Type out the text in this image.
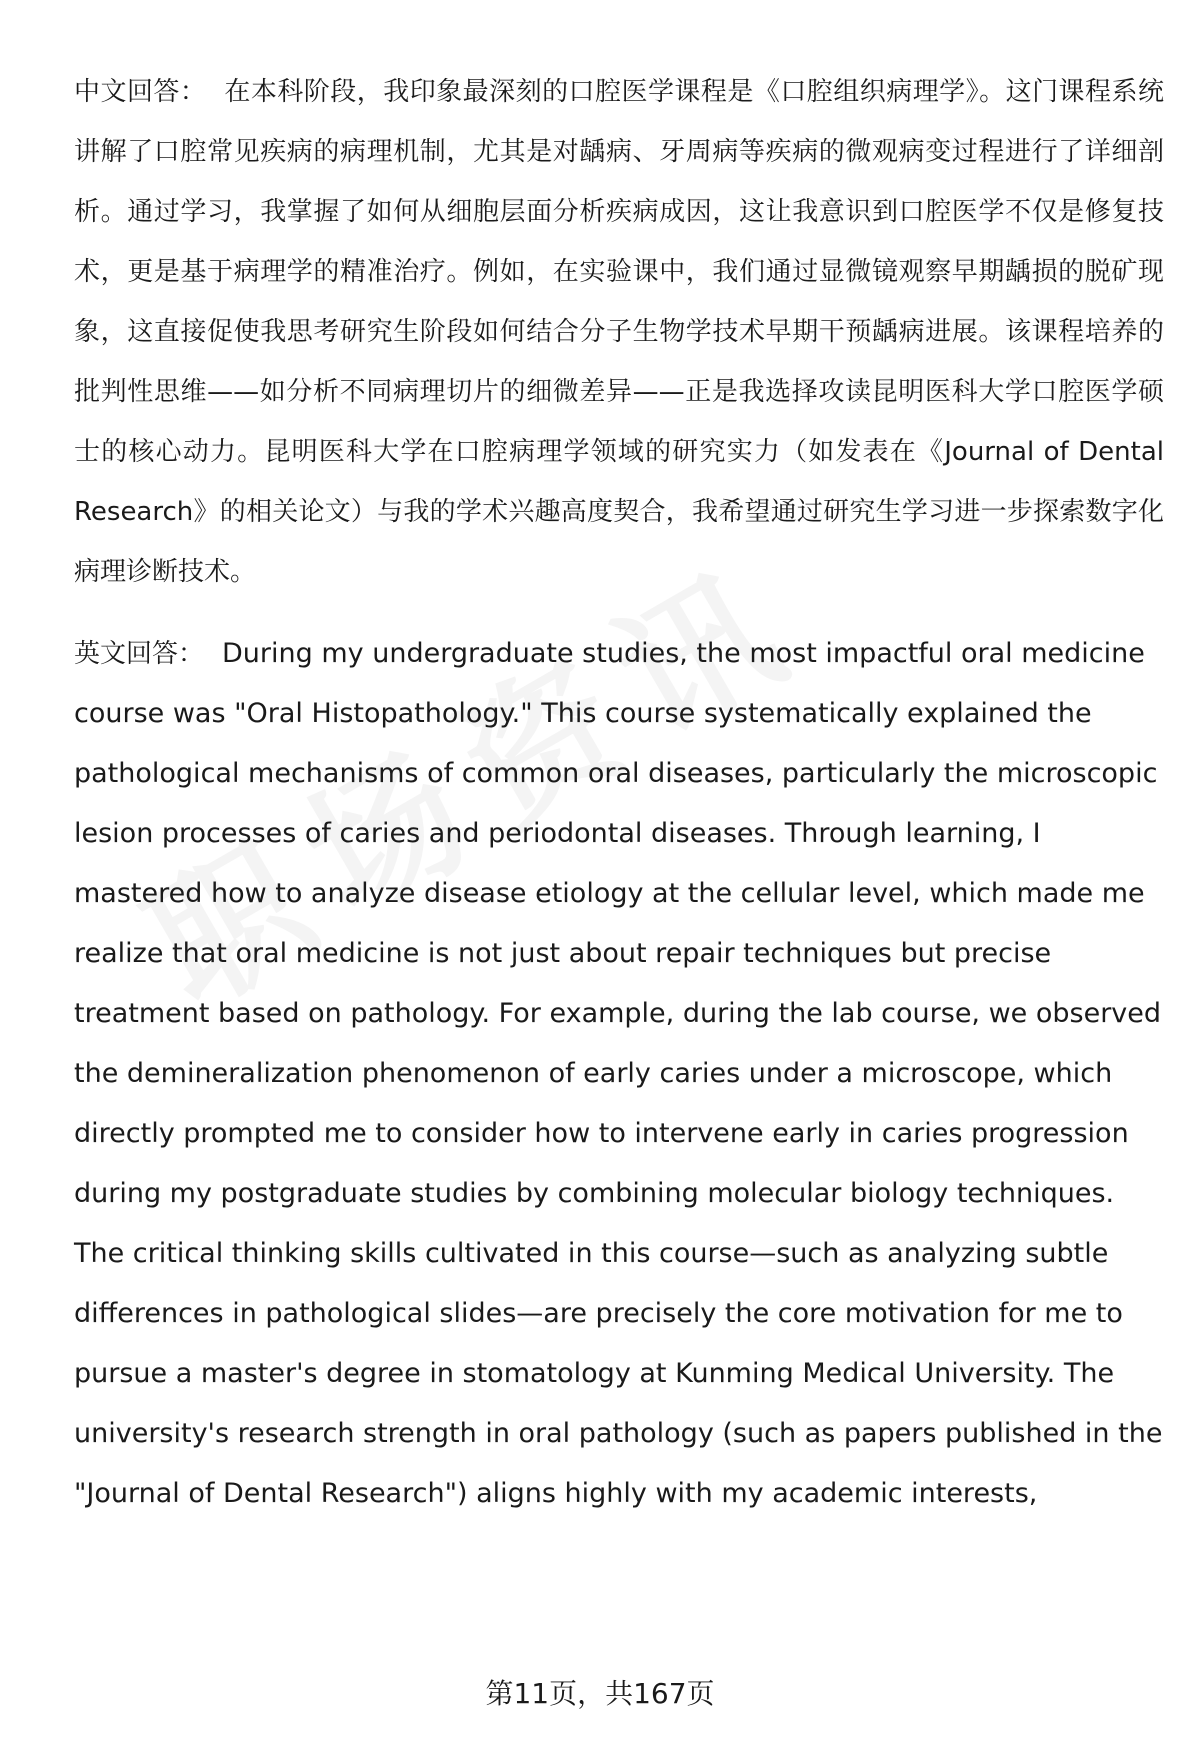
中文回答： 在本科阶段，我印象最深刻的口腔医学课程是《口腔组织病理学》。这门课程系统讲解了口腔常见疾病的病理机制，尤其是对龋病、牙周病等疾病的微观病变过程进行了详细剖析。通过学习，我掌握了如何从细胞层面分析疾病成因，这让我意识到口腔医学不仅是修复技术，更是基于病理学的精准治疗。例如，在实验课中，我们通过显微镜观察早期龋损的脱矿现象，这直接促使我思考研究生阶段如何结合分子生物学技术早期干预龋病进展。该课程培养的批判性思维——如分析不同病理切片的细微差异——正是我选择攻读昆明医科大学口腔医学硕士的核心动力。昆明医科大学在口腔病理学领域的研究实力（如发表在《Journal of Dental Research》的相关论文）与我的学术兴趣高度契合，我希望通过研究生学习进一步探索数字化病理诊断技术。

英文回答： During my undergraduate studies, the most impactful oral medicine course was "Oral Histopathology." This course systematically explained the pathological mechanisms of common oral diseases, particularly the microscopic lesion processes of caries and periodontal diseases. Through learning, I mastered how to analyze disease etiology at the cellular level, which made me realize that oral medicine is not just about repair techniques but precise treatment based on pathology. For example, during the lab course, we observed the demineralization phenomenon of early caries under a microscope, which directly prompted me to consider how to intervene early in caries progression during my postgraduate studies by combining molecular biology techniques. The critical thinking skills cultivated in this course—such as analyzing subtle differences in pathological slides—are precisely the core motivation for me to pursue a master's degree in stomatology at Kunming Medical University. The university's research strength in oral pathology (such as papers published in the "Journal of Dental Research") aligns highly with my academic interests,

第11页，共167页
